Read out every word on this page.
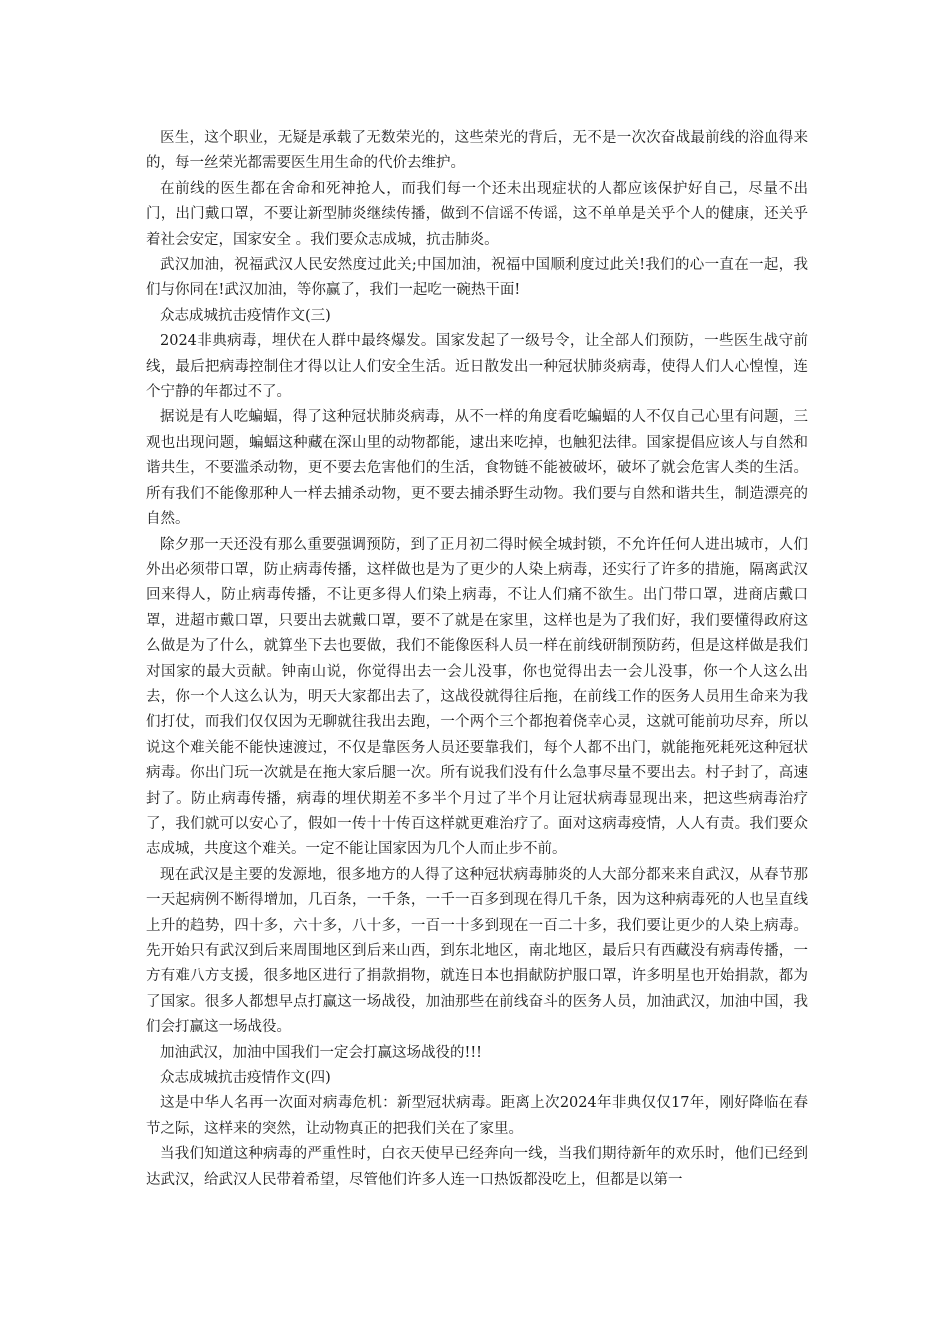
医生，这个职业，无疑是承载了无数荣光的，这些荣光的背后，无不是一次次奋战最前线的浴血得来的，每一丝荣光都需要医生用生命的代价去维护。

在前线的医生都在舍命和死神抢人，而我们每一个还未出现症状的人都应该保护好自己，尽量不出门，出门戴口罩，不要让新型肺炎继续传播，做到不信谣不传谣，这不单单是关乎个人的健康，还关乎着社会安定，国家安全 。我们要众志成城，抗击肺炎。

武汉加油，祝福武汉人民安然度过此关;中国加油，祝福中国顺利度过此关!我们的心一直在一起，我们与你同在!武汉加油，等你赢了，我们一起吃一碗热干面!

众志成城抗击疫情作文(三)

2024非典病毒，埋伏在人群中最终爆发。国家发起了一级号令，让全部人们预防，一些医生战守前线，最后把病毒控制住才得以让人们安全生活。近日散发出一种冠状肺炎病毒，使得人们人心惶惶，连个宁静的年都过不了。

据说是有人吃蝙蝠，得了这种冠状肺炎病毒，从不一样的角度看吃蝙蝠的人不仅自己心里有问题，三观也出现问题，蝙蝠这种藏在深山里的动物都能，逮出来吃掉，也触犯法律。国家提倡应该人与自然和谐共生，不要滥杀动物，更不要去危害他们的生活，食物链不能被破坏，破坏了就会危害人类的生活。所有我们不能像那种人一样去捕杀动物，更不要去捕杀野生动物。我们要与自然和谐共生，制造漂亮的自然。

除夕那一天还没有那么重要强调预防，到了正月初二得时候全城封锁，不允许任何人进出城市，人们外出必须带口罩，防止病毒传播，这样做也是为了更少的人染上病毒，还实行了许多的措施，隔离武汉回来得人，防止病毒传播，不让更多得人们染上病毒，不让人们痛不欲生。出门带口罩，进商店戴口罩，进超市戴口罩，只要出去就戴口罩，要不了就是在家里，这样也是为了我们好，我们要懂得政府这么做是为了什么，就算坐下去也要做，我们不能像医科人员一样在前线研制预防药，但是这样做是我们对国家的最大贡献。钟南山说，你觉得出去一会儿没事，你也觉得出去一会儿没事，你一个人这么出去，你一个人这么认为，明天大家都出去了，这战役就得往后拖，在前线工作的医务人员用生命来为我们打仗，而我们仅仅因为无聊就往我出去跑，一个两个三个都抱着侥幸心灵，这就可能前功尽弃，所以说这个难关能不能快速渡过，不仅是靠医务人员还要靠我们，每个人都不出门，就能拖死耗死这种冠状病毒。你出门玩一次就是在拖大家后腿一次。所有说我们没有什么急事尽量不要出去。村子封了，高速封了。防止病毒传播，病毒的埋伏期差不多半个月过了半个月让冠状病毒显现出来，把这些病毒治疗了，我们就可以安心了，假如一传十十传百这样就更难治疗了。面对这病毒疫情，人人有责。我们要众志成城，共度这个难关。一定不能让国家因为几个人而止步不前。

现在武汉是主要的发源地，很多地方的人得了这种冠状病毒肺炎的人大部分都来来自武汉，从春节那一天起病例不断得增加，几百条，一千条，一千一百多到现在得几千条，因为这种病毒死的人也呈直线上升的趋势，四十多，六十多，八十多，一百一十多到现在一百二十多，我们要让更少的人染上病毒。先开始只有武汉到后来周围地区到后来山西，到东北地区，南北地区，最后只有西藏没有病毒传播，一方有难八方支援，很多地区进行了捐款捐物，就连日本也捐献防护服口罩，许多明星也开始捐款，都为了国家。很多人都想早点打赢这一场战役，加油那些在前线奋斗的医务人员，加油武汉，加油中国，我们会打赢这一场战役。

加油武汉，加油中国我们一定会打赢这场战役的!!!

众志成城抗击疫情作文(四)

这是中华人名再一次面对病毒危机：新型冠状病毒。距离上次2024年非典仅仅17年，刚好降临在春节之际，这样来的突然，让动物真正的把我们关在了家里。

当我们知道这种病毒的严重性时，白衣天使早已经奔向一线，当我们期待新年的欢乐时，他们已经到达武汉，给武汉人民带着希望，尽管他们许多人连一口热饭都没吃上，但都是以第一
